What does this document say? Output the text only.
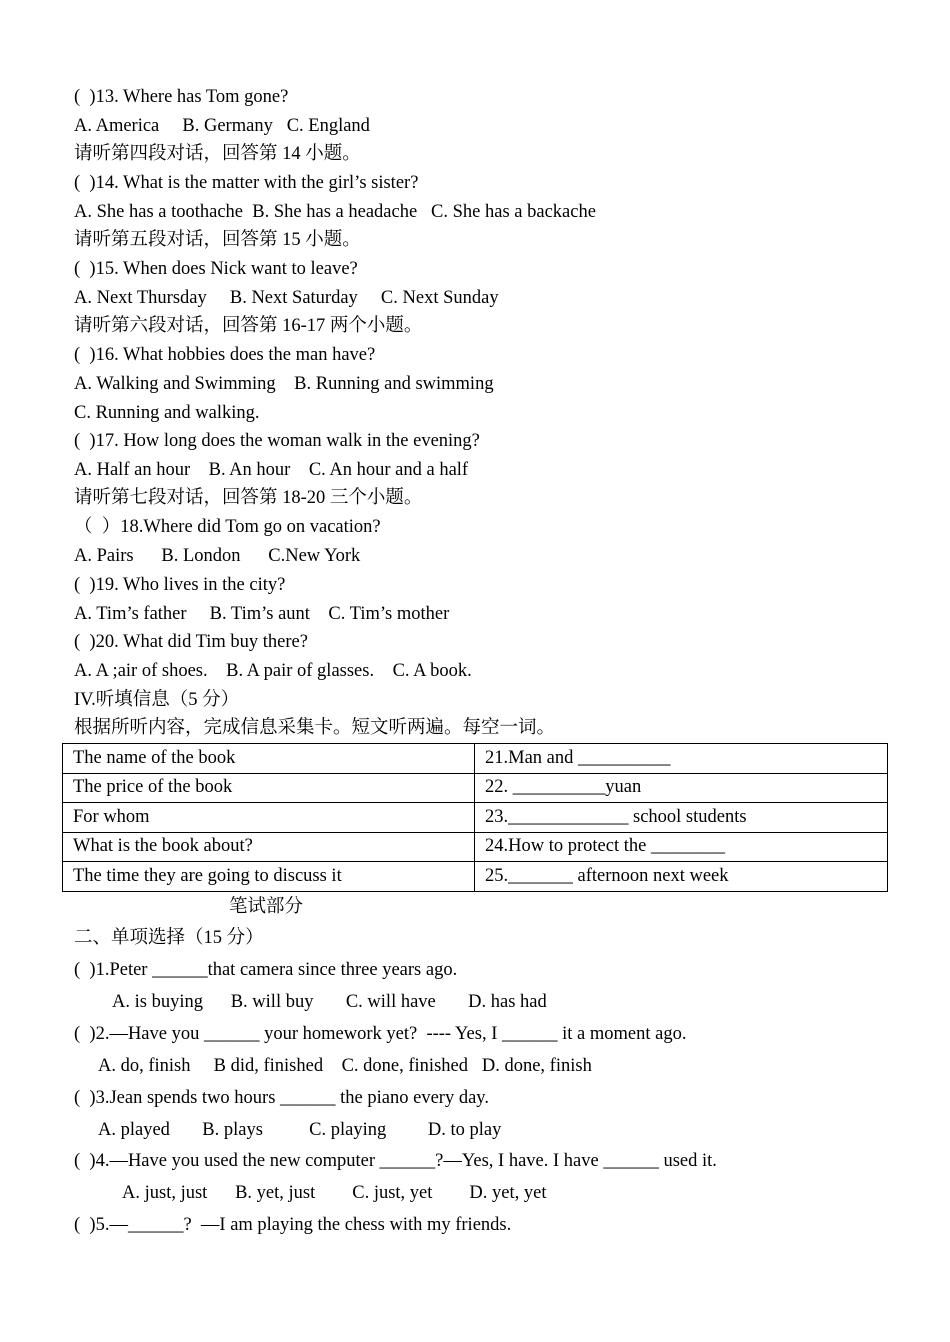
(  )13. Where has Tom gone?
A. America     B. Germany   C. England
请听第四段对话，回答第 14 小题。
(  )14. What is the matter with the girl’s sister?
A. She has a toothache  B. She has a headache   C. She has a backache
请听第五段对话，回答第 15 小题。
(  )15. When does Nick want to leave?
A. Next Thursday     B. Next Saturday     C. Next Sunday
请听第六段对话，回答第 16-17 两个小题。
(  )16. What hobbies does the man have?
A. Walking and Swimming    B. Running and swimming
C. Running and walking.
(  )17. How long does the woman walk in the evening?
A. Half an hour    B. An hour    C. An hour and a half
请听第七段对话，回答第 18-20 三个小题。
（  ）18.Where did Tom go on vacation?
A. Pairs      B. London      C.New York
(  )19. Who lives in the city?
A. Tim’s father     B. Tim’s aunt    C. Tim’s mother
(  )20. What did Tim buy there?
A. A ;air of shoes.    B. A pair of glasses.    C. A book.
IV.听填信息（5 分）
根据所听内容，完成信息采集卡。短文听两遍。每空一词。
The name of the book	21.Man and __________
The price of the book	22. __________yuan
For whom	23._____________ school students
What is the book about?	24.How to protect the ________
The time they are going to discuss it	25._______ afternoon next week
笔试部分
二、单项选择（15 分）
(  )1.Peter ______that camera since three years ago.
A. is buying      B. will buy       C. will have       D. has had
(  )2.—Have you ______ your homework yet?  ---- Yes, I ______ it a moment ago.
A. do, finish     B did, finished    C. done, finished   D. done, finish
(  )3.Jean spends two hours ______ the piano every day.
A. played       B. plays          C. playing         D. to play
(  )4.—Have you used the new computer ______?—Yes, I have. I have ______ used it.
A. just, just      B. yet, just        C. just, yet        D. yet, yet
(  )5.—______?  —I am playing the chess with my friends.
